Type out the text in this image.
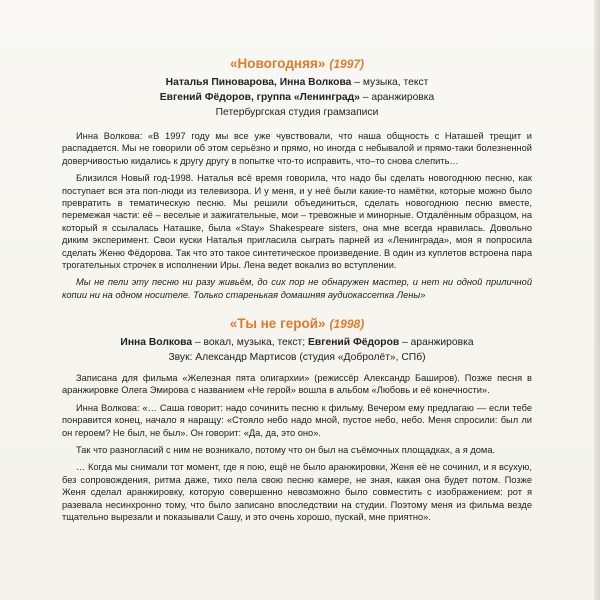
«Новогодняя» (1997)
Наталья Пиноварова, Инна Волкова – музыка, текст
Евгений Фёдоров, группа «Ленинград» – аранжировка
Петербургская студия грамзаписи

Инна Волкова: «В 1997 году мы все уже чувствовали, что наша общность с Наташей трещит и распадается. Мы не говорили об этом серьёзно и прямо, но иногда с небывалой и прямо-таки болезненной доверчивостью кидались к другу другу в попытке что-то исправить, что–то снова слепить…

Близился Новый год-1998. Наталья всё время говорила, что надо бы сделать новогоднюю песню, как поступает вся эта поп-люди из телевизора. И у меня, и у неё были какие-то намётки, которые можно было превратить в тематическую песню. Мы решили объединиться, сделать новогоднюю песню вместе, перемежая части: её – веселые и зажигательные, мои – тревожные и минорные. Отдалённым образцом, на который я ссылалась Наташке, была «Stay» Shakespeare sisters, она мне всегда нравилась. Довольно диким эксперимент. Свои куски Наталья пригласила сыграть парней из «Ленинграда», моя я попросила сделать Женю Фёдорова. Так что это такое синтетическое произведение. В один из куплетов встроена пара трогательных строчек в исполнении Иры. Лена ведет вокализ во вступлении.

Мы не пели эту песню ни разу живьём, до сих пор не обнаружен мастер, и нет ни одной приличной копии ни на одном носителе. Только стаpенькая домашняя аудиокассетка Лены»

«Ты не герой» (1998)
Инна Волкова – вокал, музыка, текст; Евгений Фёдоров – аранжировка
Звук: Александр Мартисов (студия «Добролёт», СПб)

Записана для фильма «Железная пята олигархии» (режиссёр Александр Баширов). Позже песня в аранжировке Олега Эмирова с названием «Не герой» вошла в альбом «Любовь и её конечности».

Инна Волкова: «… Саша говорит: надо сочинить песню к фильму. Вечером ему предлагаю — если тебе понравится конец, начало я наращу: «Стояло небо надо мной, пустое небо, небо. Меня спросили: был ли он героем? Не был, не был». Он говорит: «Да, да, это оно».

Так что разногласий с ним не возникало, потому что он был на съёмочных площадках, а я дома.

… Когда мы снимали тот момент, где я пою, ещё не было аранжировки, Женя её не сочинил, и я всухую, без сопровождения, ритма даже, тихо пела свою песню камере, не зная, какая она будет потом. Позже Женя сделал аранжировку, которую совершенно невозможно было совместить с изображением: рот я разевала несинхронно тому, что было записано впоследствии на студии. Поэтому меня из фильма везде тщательно вырезали и показывали Сашу, и это очень хорошо, пускай, мне приятно».
